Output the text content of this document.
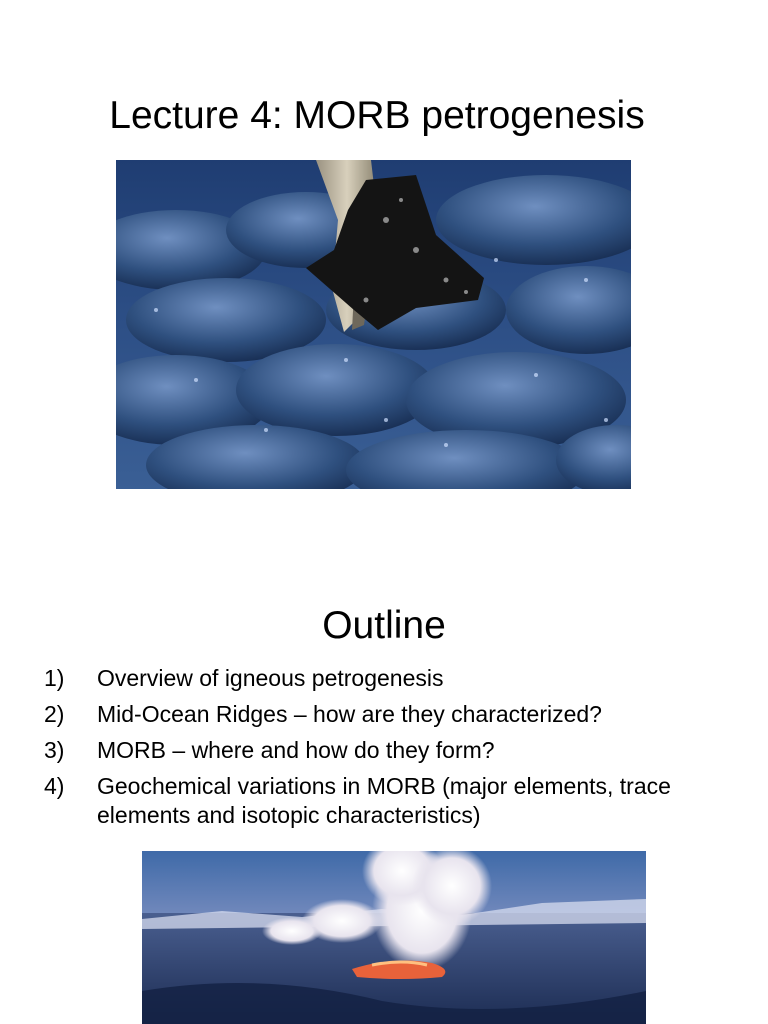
Lecture 4: MORB petrogenesis
Outline
1) Overview of igneous petrogenesis
2) Mid-Ocean Ridges – how are they characterized?
3) MORB – where and how do they form?
4) Geochemical variations in MORB (major elements, trace elements and isotopic characteristics)
